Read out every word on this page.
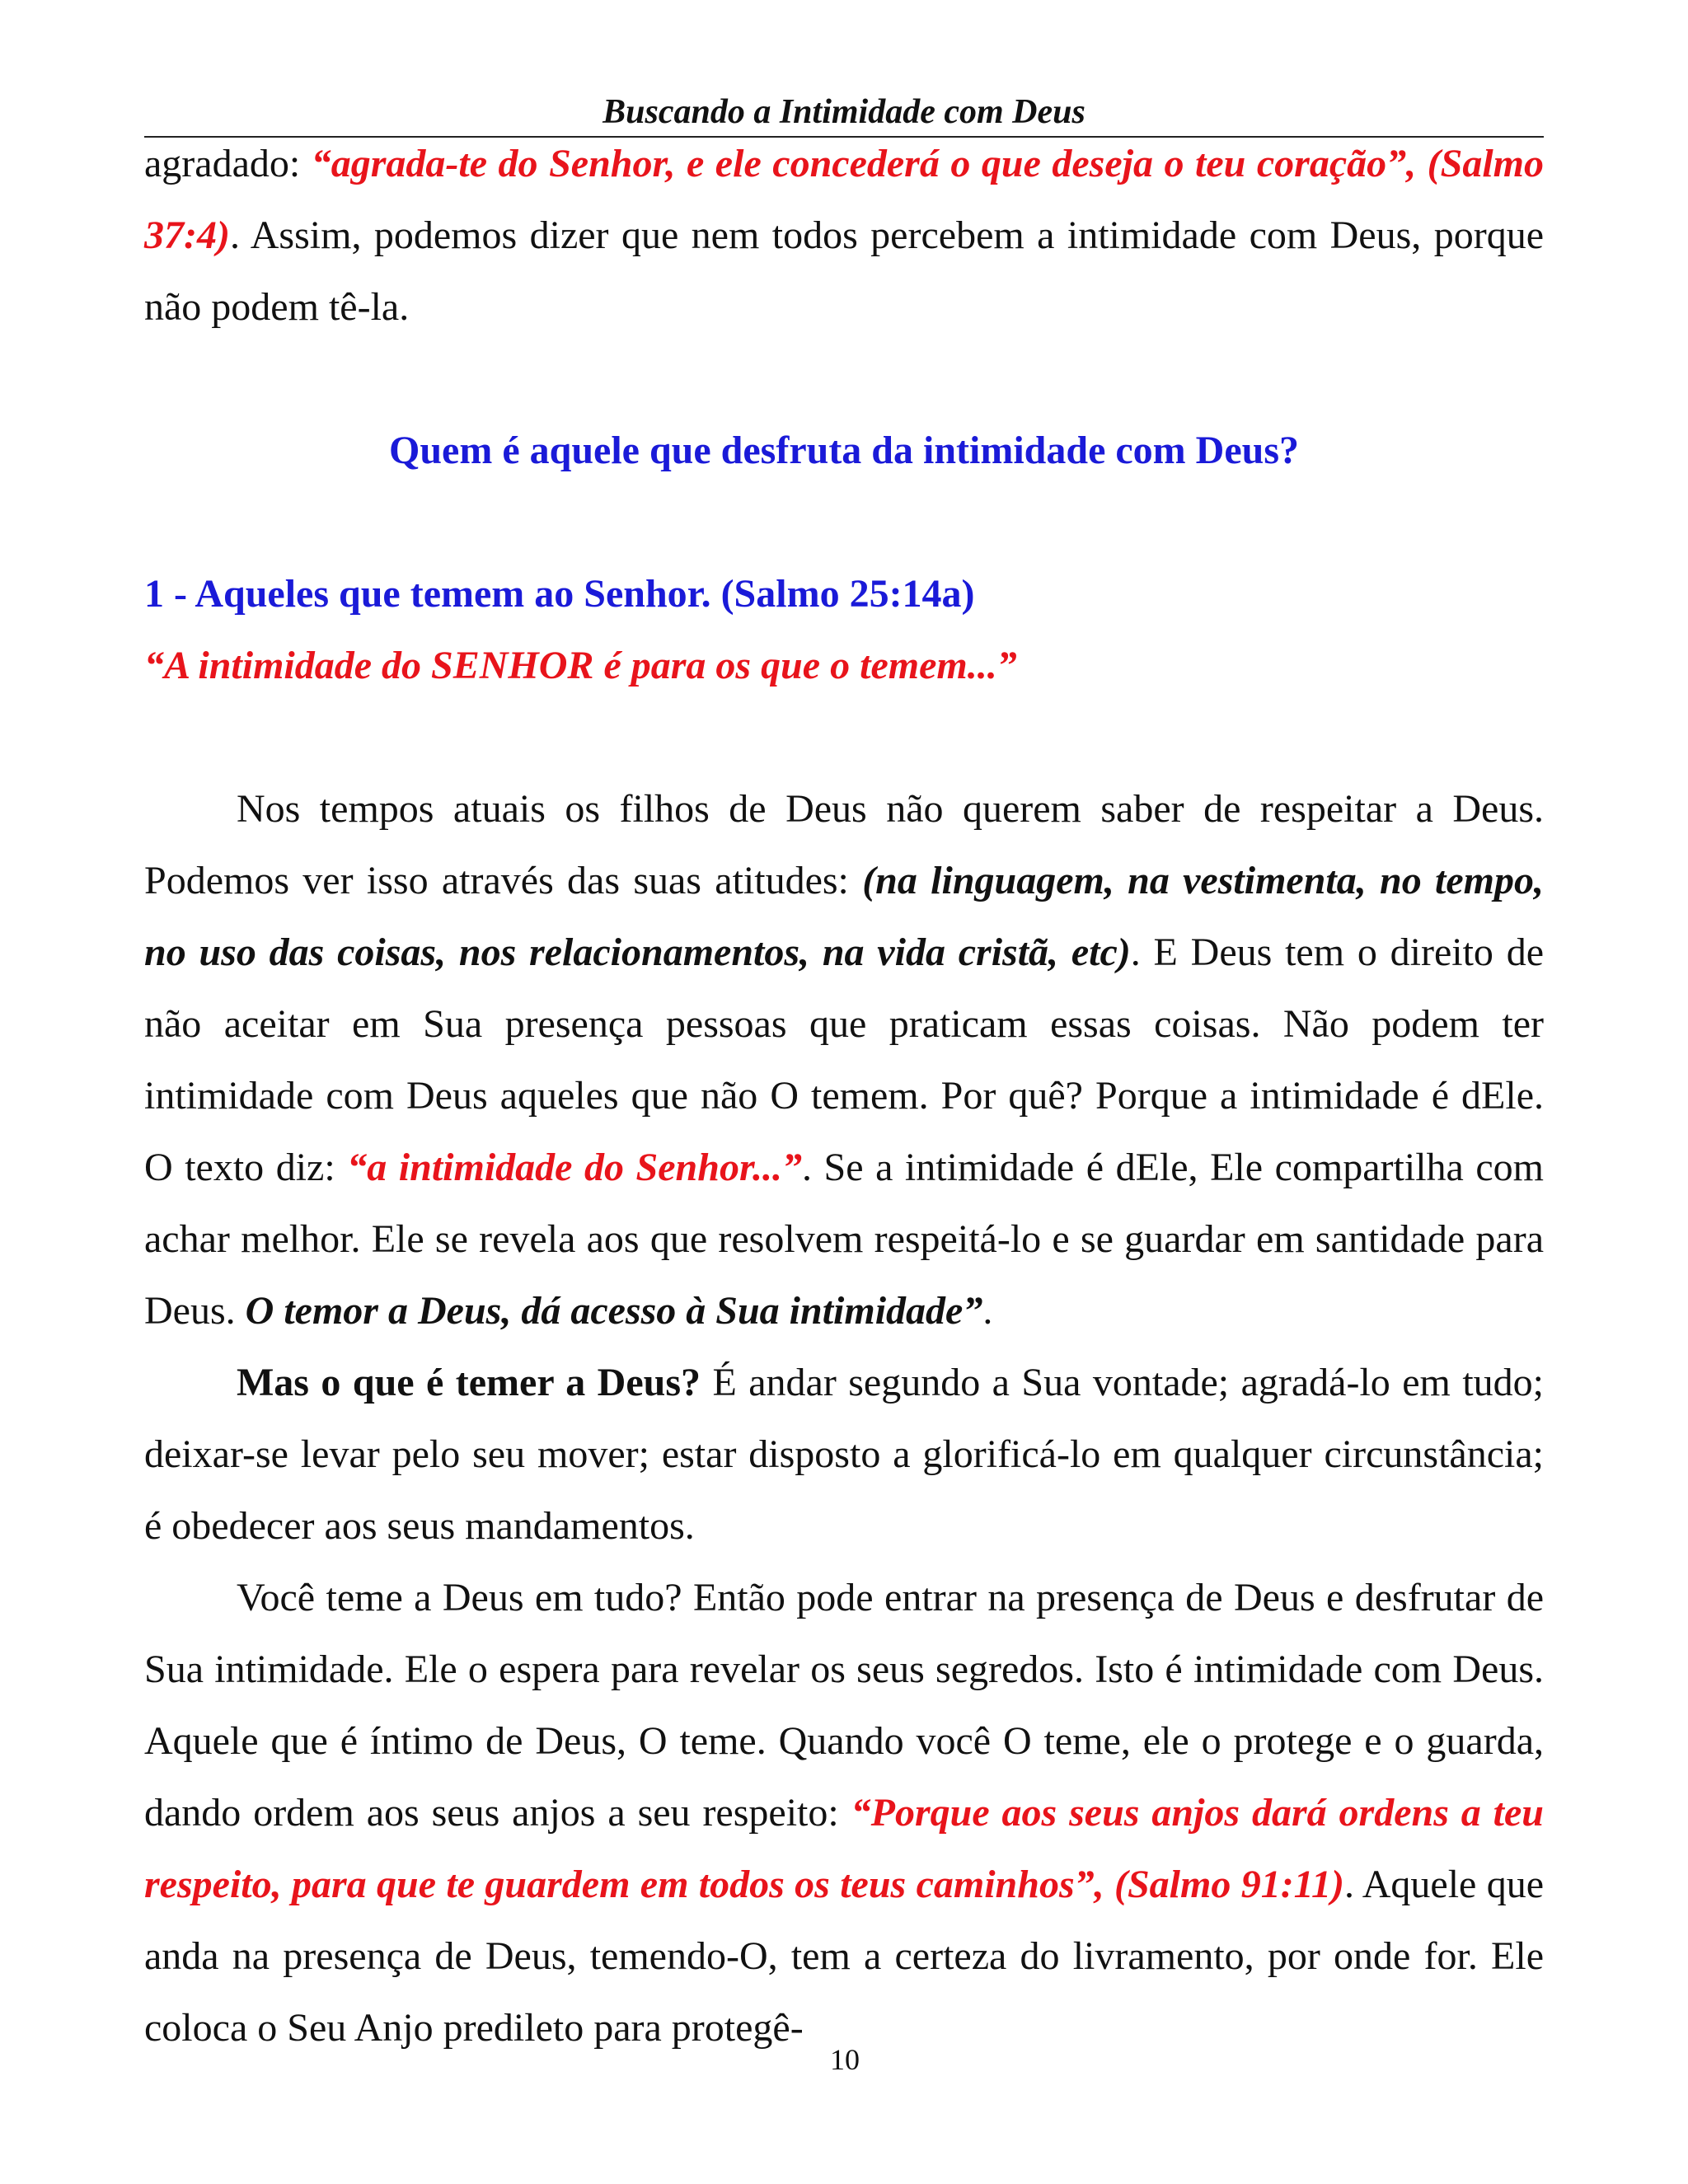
Buscando a Intimidade com Deus

agradado: “agrada-te do Senhor, e ele concederá o que deseja o teu coração”, (Salmo 37:4). Assim, podemos dizer que nem todos percebem a intimidade com Deus, porque não podem tê-la.

Quem é aquele que desfruta da intimidade com Deus?
1 - Aqueles que temem ao Senhor. (Salmo 25:14a)

“A intimidade do SENHOR é para os que o temem...”

Nos tempos atuais os filhos de Deus não querem saber de respeitar a Deus. Podemos ver isso através das suas atitudes: (na linguagem, na vestimenta, no tempo, no uso das coisas, nos relacionamentos, na vida cristã, etc). E Deus tem o direito de não aceitar em Sua presença pessoas que praticam essas coisas. Não podem ter intimidade com Deus aqueles que não O temem. Por quê? Porque a intimidade é dEle. O texto diz: “a intimidade do Senhor...”. Se a intimidade é dEle, Ele compartilha com achar melhor. Ele se revela aos que resolvem respeitá-lo e se guardar em santidade para Deus. O temor a Deus, dá acesso à Sua intimidade”.

Mas o que é temer a Deus? É andar segundo a Sua vontade; agradá-lo em tudo; deixar-se levar pelo seu mover; estar disposto a glorificá-lo em qualquer circunstância; é obedecer aos seus mandamentos.

Você teme a Deus em tudo? Então pode entrar na presença de Deus e desfrutar de Sua intimidade. Ele o espera para revelar os seus segredos. Isto é intimidade com Deus. Aquele que é íntimo de Deus, O teme. Quando você O teme, ele o protege e o guarda, dando ordem aos seus anjos a seu respeito: “Porque aos seus anjos dará ordens a teu respeito, para que te guardem em todos os teus caminhos”, (Salmo 91:11). Aquele que anda na presença de Deus, temendo-O, tem a certeza do livramento, por onde for. Ele coloca o Seu Anjo predileto para protegê-

10
